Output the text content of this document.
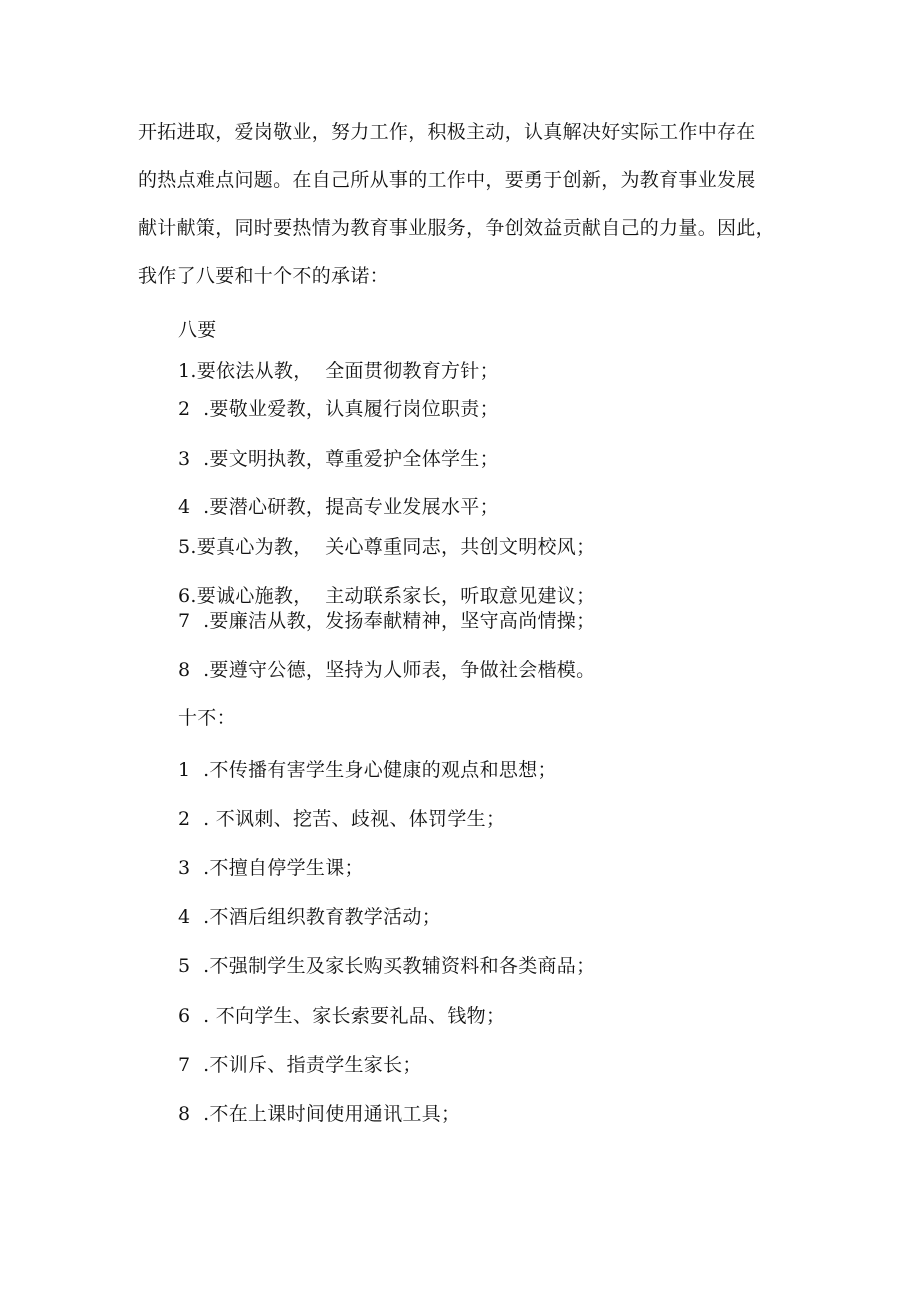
开拓进取，爱岗敬业，努力工作，积极主动，认真解决好实际工作中存在
的热点难点问题。在自己所从事的工作中，要勇于创新，为教育事业发展
献计献策，同时要热情为教育事业服务，争创效益贡献自己的力量。因此，
我作了八要和十个不的承诺：
八要
1.要依法从教，  全面贯彻教育方针；
2  .要敬业爱教，认真履行岗位职责；
3  .要文明执教，尊重爱护全体学生；
4  .要潜心研教，提高专业发展水平；
5.要真心为教，  关心尊重同志，共创文明校风；
6.要诚心施教，  主动联系家长，听取意见建议；
7  .要廉洁从教，发扬奉献精神，坚守高尚情操；
8  .要遵守公德，坚持为人师表，争做社会楷模。
十不：
1  .不传播有害学生身心健康的观点和思想；
2  . 不讽刺、挖苦、歧视、体罚学生；
3  .不擅自停学生课；
4  .不酒后组织教育教学活动；
5  .不强制学生及家长购买教辅资料和各类商品；
6  . 不向学生、家长索要礼品、钱物；
7  .不训斥、指责学生家长；
8  .不在上课时间使用通讯工具；
